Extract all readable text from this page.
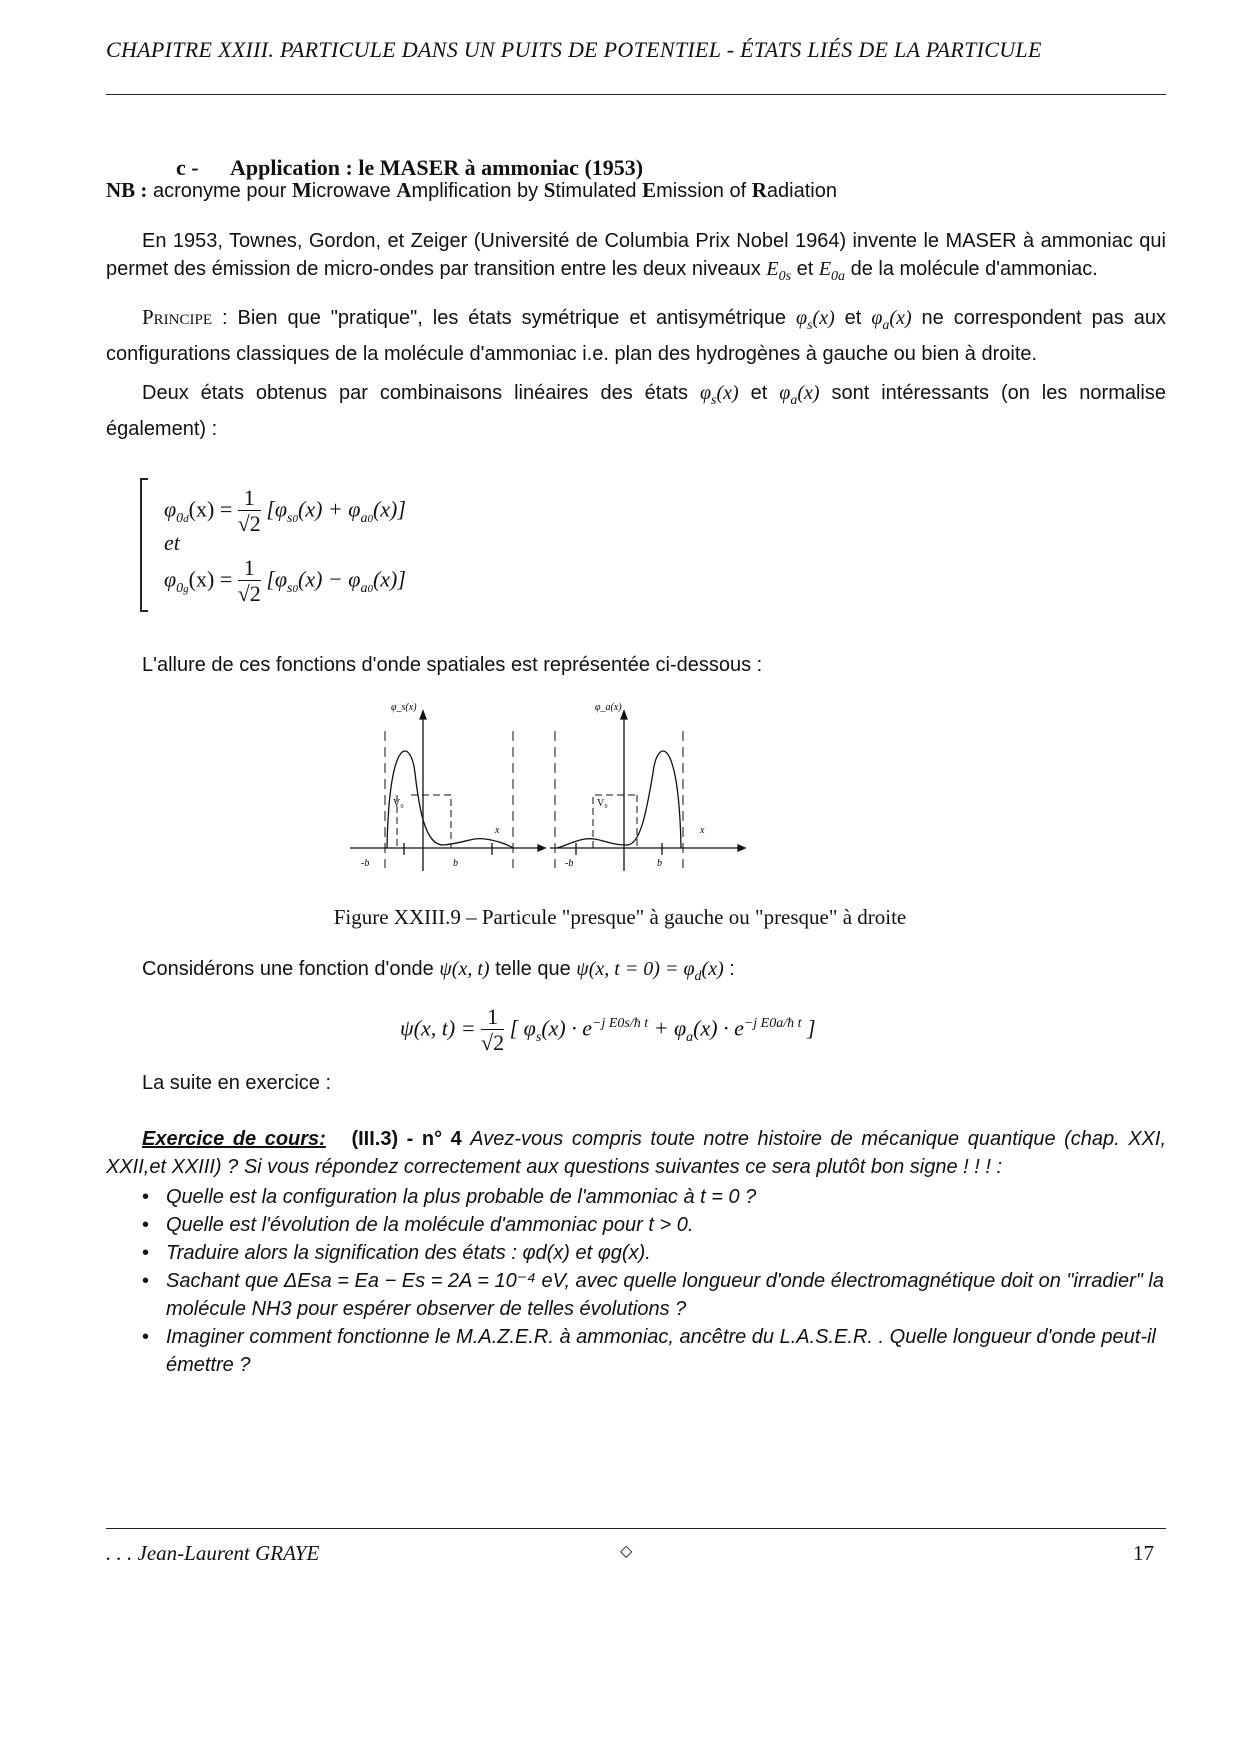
CHAPITRE XXIII. PARTICULE DANS UN PUITS DE POTENTIEL - ÉTATS LIÉS DE LA PARTICULE
c - Application : le MASER à ammoniac (1953)
NB : acronyme pour Microwave Amplification by Stimulated Emission of Radiation
En 1953, Townes, Gordon, et Zeiger (Université de Columbia Prix Nobel 1964) invente le MASER à ammoniac qui permet des émission de micro-ondes par transition entre les deux niveaux $E_{0s}$ et $E_{0a}$ de la molécule d'ammoniac.
Principe : Bien que "pratique", les états symétrique et antisymétrique $\varphi_s(x)$ et $\varphi_a(x)$ ne correspondent pas aux configurations classiques de la molécule d'ammoniac i.e. plan des hydrogènes à gauche ou bien à droite.
Deux états obtenus par combinaisons linéaires des états $\varphi_s(x)$ et $\varphi_a(x)$ sont intéressants (on les normalise également) :
$\varphi_{0d}(x) = \frac{1}{√2} [\varphi_{s0}(x) + \varphi_{a0}(x)]$
et
$\varphi_{0g}(x) = \frac{1}{√2} [\varphi_{s0}(x) - \varphi_{a0}(x)]$
L'allure de ces fonctions d'onde spatiales est représentée ci-dessous :
φ_s(x)
V₀
x
-b	b
φ_a(x)
V₀
x
-b	b
Figure XXIII.9 – Particule "presque" à gauche ou "presque" à droite
Considérons une fonction d'onde ψ(x, t) telle que ψ(x, $t = 0) = \varphi_d(x)$ :
ψ(x, $t) = \frac{1}{√2}$ [ $\varphi_s(x) \cdot e^{-j E0s/ħ t} + \varphi_a(x) \cdot e^{-j E0a/ħ t}$ ]
La suite en exercice :
Exercice de cours: (III.3) - n° 4 Avez-vous compris toute notre histoire de mécanique quantique (chap. XXI, XXII,et XXIII) ? Si vous répondez correctement aux questions suivantes ce sera plutôt bon signe ! ! ! :
• Quelle est la configuration la plus probable de l'ammoniac à t = 0 ?
• Quelle est l'évolution de la molécule d'ammoniac pour t > 0.
• Traduire alors la signification des états : φd(x) et φg(x).
• Sachant que ΔEsa = Ea − Es = 2A = 10⁻⁴ eV, avec quelle longueur d'onde électromagnétique doit on "irradier" la molécule NH3 pour espérer observer de telles évolutions ?
• Imaginer comment fonctionne le M.A.Z.E.R. à ammoniac, ancêtre du L.A.S.E.R. . Quelle longueur d'onde peut-il émettre ?
. . . Jean-Laurent GRAYE	◇	17
